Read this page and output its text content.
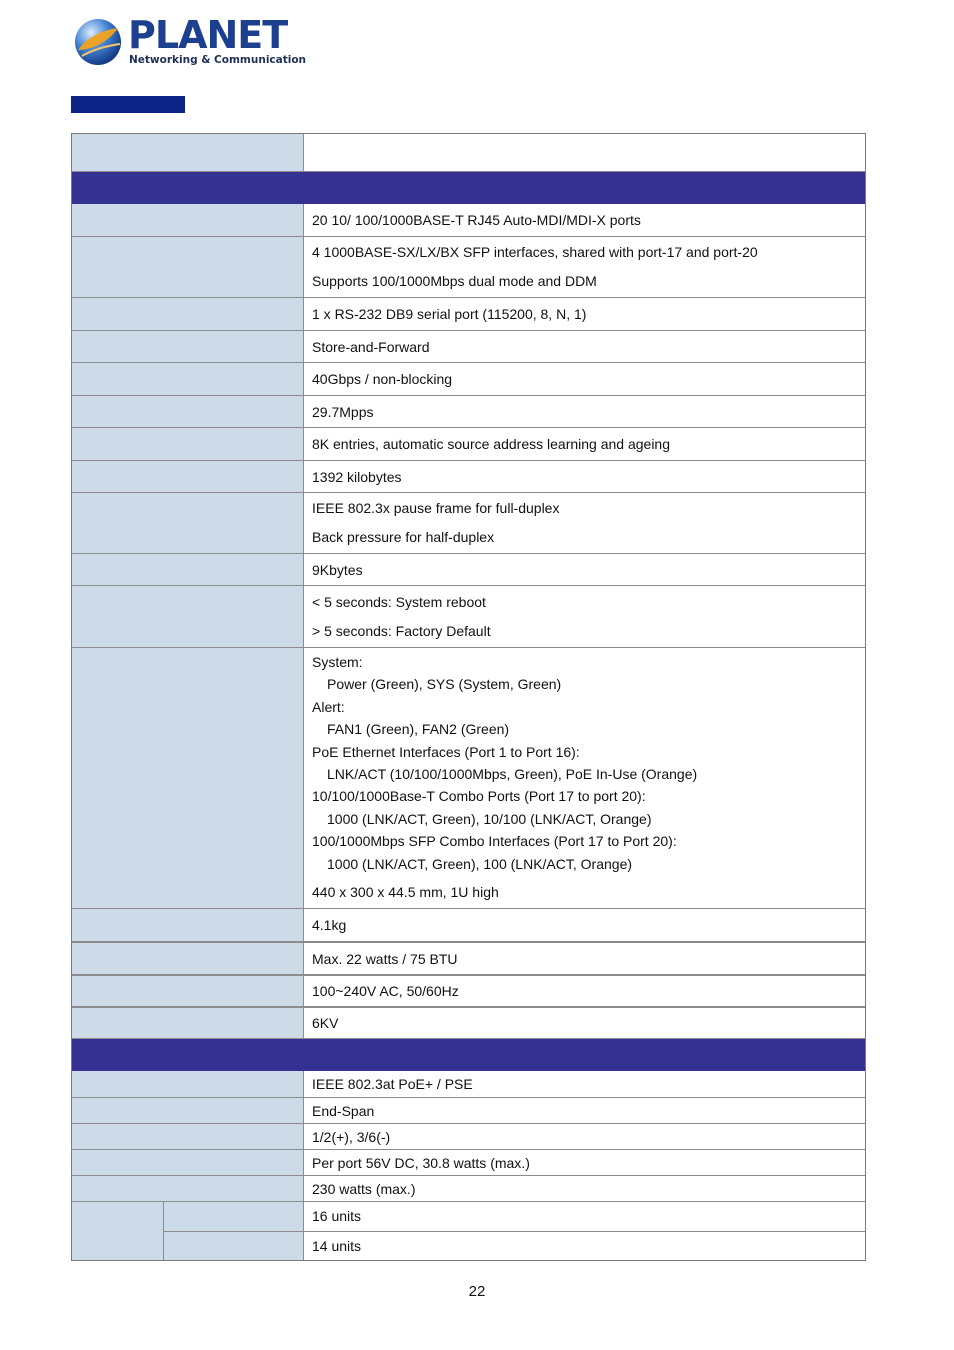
PLANET
Networking & Communication
20 10/ 100/1000BASE-T RJ45 Auto-MDI/MDI-X ports
4 1000BASE-SX/LX/BX SFP interfaces, shared with port-17 and port-20
Supports 100/1000Mbps dual mode and DDM
1 x RS-232 DB9 serial port (115200, 8, N, 1)
Store-and-Forward
40Gbps / non-blocking
29.7Mpps
8K entries, automatic source address learning and ageing
1392 kilobytes
IEEE 802.3x pause frame for full-duplex
Back pressure for half-duplex
9Kbytes
< 5 seconds: System reboot
> 5 seconds: Factory Default
System:
Power (Green), SYS (System, Green)
Alert:
FAN1 (Green), FAN2 (Green)
PoE Ethernet Interfaces (Port 1 to Port 16):
LNK/ACT (10/100/1000Mbps, Green), PoE In-Use (Orange)
10/100/1000Base-T Combo Ports (Port 17 to port 20):
1000 (LNK/ACT, Green), 10/100 (LNK/ACT, Orange)
100/1000Mbps SFP Combo Interfaces (Port 17 to Port 20):
1000 (LNK/ACT, Green), 100 (LNK/ACT, Orange)
440 x 300 x 44.5 mm, 1U high
4.1kg
Max. 22 watts / 75 BTU
100~240V AC, 50/60Hz
6KV
IEEE 802.3at PoE+ / PSE
End-Span
1/2(+), 3/6(-)
Per port 56V DC, 30.8 watts (max.)
230 watts (max.)
16 units
14 units
22
